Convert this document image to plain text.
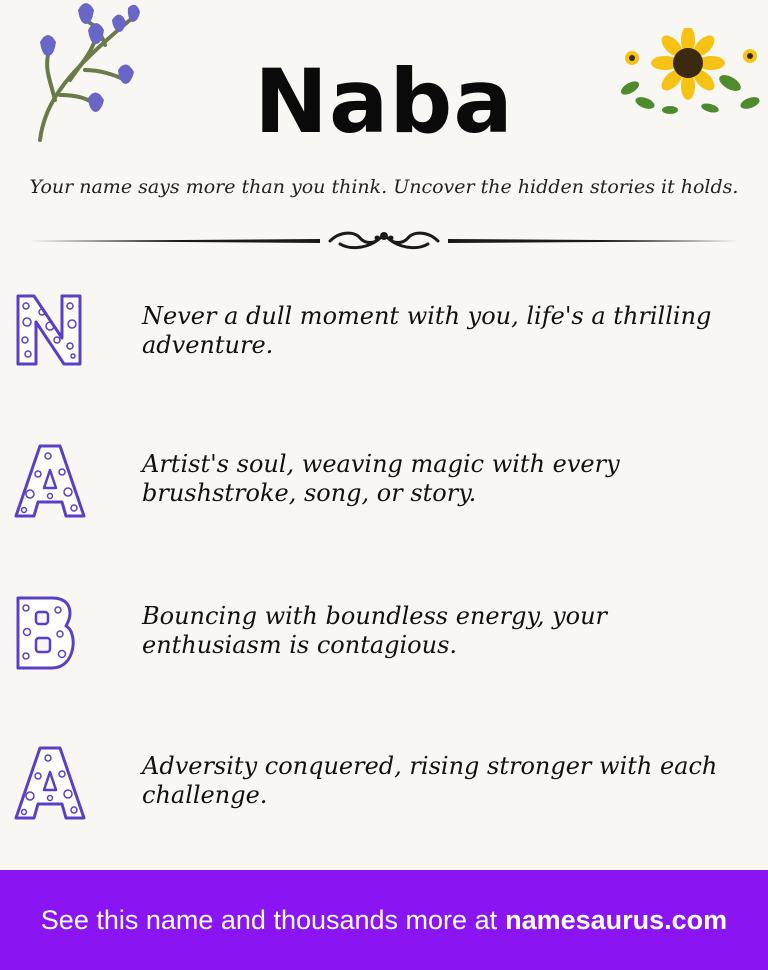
Naba
Your name says more than you think. Uncover the hidden stories it holds.
Never a dull moment with you, life's a thrilling adventure.
Artist's soul, weaving magic with every brushstroke, song, or story.
Bouncing with boundless energy, your enthusiasm is contagious.
Adversity conquered, rising stronger with each challenge.
See this name and thousands more at namesaurus.com
